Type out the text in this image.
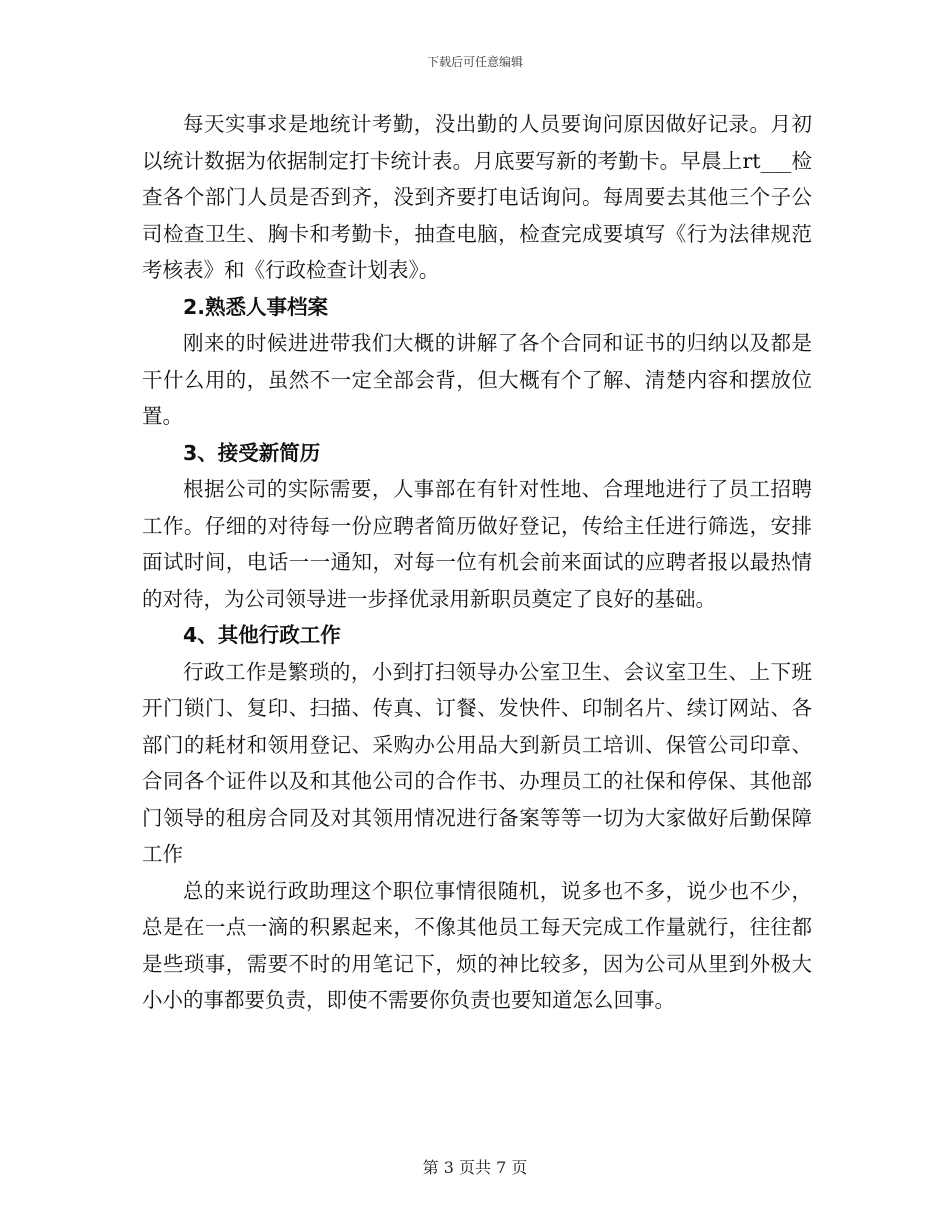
下载后可任意编辑

每天实事求是地统计考勤，没出勤的人员要询问原因做好记录。月初以统计数据为依据制定打卡统计表。月底要写新的考勤卡。早晨上rt___检查各个部门人员是否到齐，没到齐要打电话询问。每周要去其他三个子公司检查卫生、胸卡和考勤卡，抽查电脑，检查完成要填写《行为法律规范考核表》和《行政检查计划表》。

2.熟悉人事档案

刚来的时候进进带我们大概的讲解了各个合同和证书的归纳以及都是干什么用的，虽然不一定全部会背，但大概有个了解、清楚内容和摆放位置。

3、接受新简历

根据公司的实际需要，人事部在有针对性地、合理地进行了员工招聘工作。仔细的对待每一份应聘者简历做好登记，传给主任进行筛选，安排面试时间，电话一一通知，对每一位有机会前来面试的应聘者报以最热情的对待，为公司领导进一步择优录用新职员奠定了良好的基础。

4、其他行政工作

行政工作是繁琐的，小到打扫领导办公室卫生、会议室卫生、上下班开门锁门、复印、扫描、传真、订餐、发快件、印制名片、续订网站、各部门的耗材和领用登记、采购办公用品大到新员工培训、保管公司印章、合同各个证件以及和其他公司的合作书、办理员工的社保和停保、其他部门领导的租房合同及对其领用情况进行备案等等一切为大家做好后勤保障工作

总的来说行政助理这个职位事情很随机，说多也不多，说少也不少，总是在一点一滴的积累起来，不像其他员工每天完成工作量就行，往往都是些琐事，需要不时的用笔记下，烦的神比较多，因为公司从里到外极大小小的事都要负责，即使不需要你负责也要知道怎么回事。

第 3 页共 7 页
